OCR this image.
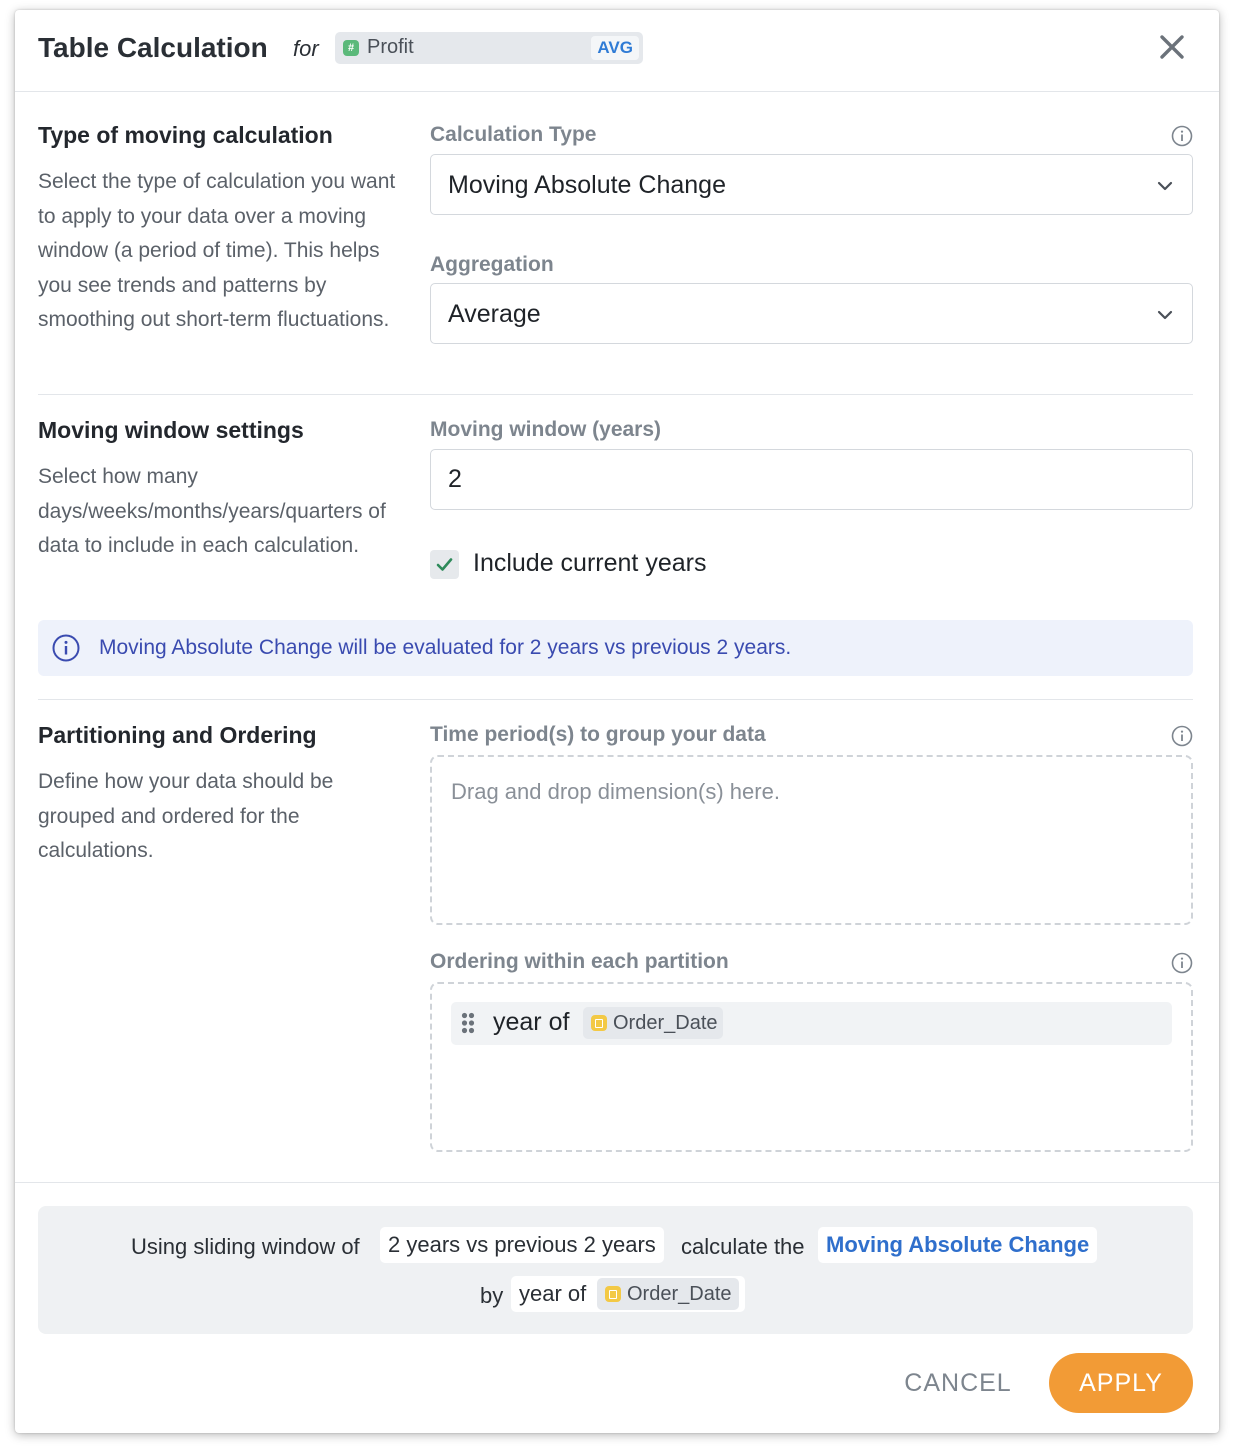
Table Calculation for	# Profit	AVG
Type of moving calculation
Select the type of calculation you want to apply to your data over a moving window (a period of time). This helps you see trends and patterns by smoothing out short-term fluctuations.
Calculation Type
Moving Absolute Change
Aggregation
Average
Moving window settings
Select how many days/weeks/months/years/quarters of data to include in each calculation.
Moving window (years)
2
Include current years
Moving Absolute Change will be evaluated for 2 years vs previous 2 years.
Partitioning and Ordering
Define how your data should be grouped and ordered for the calculations.
Time period(s) to group your data
Drag and drop dimension(s) here.
Ordering within each partition
year of Order_Date
Using sliding window of	2 years vs previous 2 years	calculate the Moving Absolute Change
by year of Order_Date
CANCEL	APPLY
